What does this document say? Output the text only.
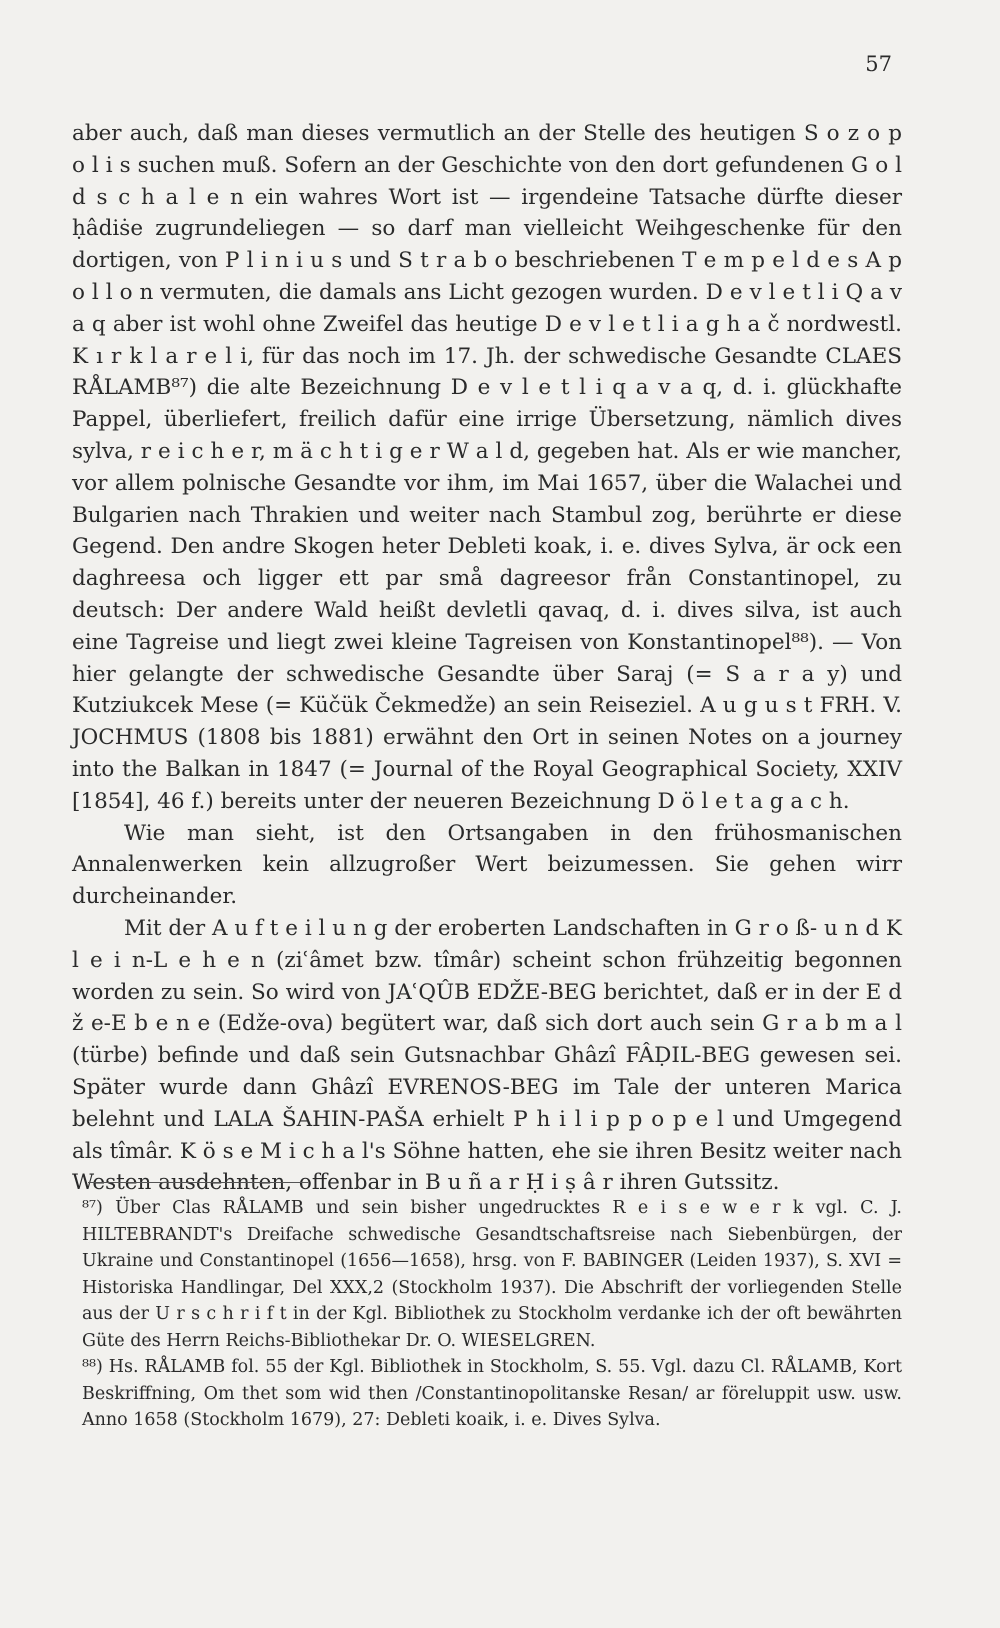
57

aber auch, daß man dieses vermutlich an der Stelle des heutigen S o z o p o l i s suchen muß. Sofern an der Geschichte von den dort gefundenen G o l d s c h a l e n ein wahres Wort ist — irgendeine Tatsache dürfte dieser ḥâdiṡe zugrundeliegen — so darf man vielleicht Weihgeschenke für den dortigen, von P l i n i u s und S t r a b o beschriebenen T e m p e l d e s A p o l l o n vermuten, die damals ans Licht gezogen wurden. D e v l e t l i Q a v a q aber ist wohl ohne Zweifel das heutige D e v l e t l i a g h a č nordwestl. K ı r k l a r e l i, für das noch im 17. Jh. der schwedische Gesandte CLAES RÅLAMB⁸⁷) die alte Bezeichnung D e v l e t l i q a v a q, d. i. glückhafte Pappel, überliefert, freilich dafür eine irrige Übersetzung, nämlich dives sylva, r e i c h e r, m ä c h t i g e r W a l d, gegeben hat. Als er wie mancher, vor allem polnische Gesandte vor ihm, im Mai 1657, über die Walachei und Bulgarien nach Thrakien und weiter nach Stambul zog, berührte er diese Gegend. Den andre Skogen heter Debleti koak, i. e. dives Sylva, är ock een daghreesa och ligger ett par små dagreesor från Constantinopel, zu deutsch: Der andere Wald heißt devletli qavaq, d. i. dives silva, ist auch eine Tagreise und liegt zwei kleine Tagreisen von Konstantinopel⁸⁸). — Von hier gelangte der schwedische Gesandte über Saraj (= S a r a y) und Kutziukcek Mese (= Küčük Čekmedže) an sein Reiseziel. A u g u s t FRH. V. JOCHMUS (1808 bis 1881) erwähnt den Ort in seinen Notes on a journey into the Balkan in 1847 (= Journal of the Royal Geographical Society, XXIV [1854], 46 f.) bereits unter der neueren Bezeichnung D ö l e t a g a c h.

Wie man sieht, ist den Ortsangaben in den frühosmanischen Annalenwerken kein allzugroßer Wert beizumessen. Sie gehen wirr durcheinander.

Mit der A u f t e i l u n g der eroberten Landschaften in G r o ß- u n d K l e i n-L e h e n (ziʿâmet bzw. tîmâr) scheint schon frühzeitig begonnen worden zu sein. So wird von JAʿQÛB EDŽE-BEG berichtet, daß er in der E d ž e-E b e n e (Edže-ova) begütert war, daß sich dort auch sein G r a b m a l (türbe) befinde und daß sein Gutsnachbar Ghâzî FÂḌIL-BEG gewesen sei. Später wurde dann Ghâzî EVRENOS-BEG im Tale der unteren Marica belehnt und LALA ŠAHIN-PAŠA erhielt P h i l i p p o p e l und Umgegend als tîmâr. K ö s e M i c h a l's Söhne hatten, ehe sie ihren Besitz weiter nach Westen ausdehnten, offenbar in B u ñ a r Ḥ i ṣ â r ihren Gutssitz.

⁸⁷) Über Clas RÅLAMB und sein bisher ungedrucktes R e i s e w e r k vgl. C. J. HILTEBRANDT's Dreifache schwedische Gesandtschaftsreise nach Siebenbürgen, der Ukraine und Constantinopel (1656—1658), hrsg. von F. BABINGER (Leiden 1937), S. XVI = Historiska Handlingar, Del XXX,2 (Stockholm 1937). Die Abschrift der vorliegenden Stelle aus der U r s c h r i f t in der Kgl. Bibliothek zu Stockholm verdanke ich der oft bewährten Güte des Herrn Reichs-Bibliothekar Dr. O. WIESELGREN.

⁸⁸) Hs. RÅLAMB fol. 55 der Kgl. Bibliothek in Stockholm, S. 55. Vgl. dazu Cl. RÅLAMB, Kort Beskriffning, Om thet som wid then /Constantinopolitanske Resan/ ar föreluppit usw. usw. Anno 1658 (Stockholm 1679), 27: Debleti koaik, i. e. Dives Sylva.
